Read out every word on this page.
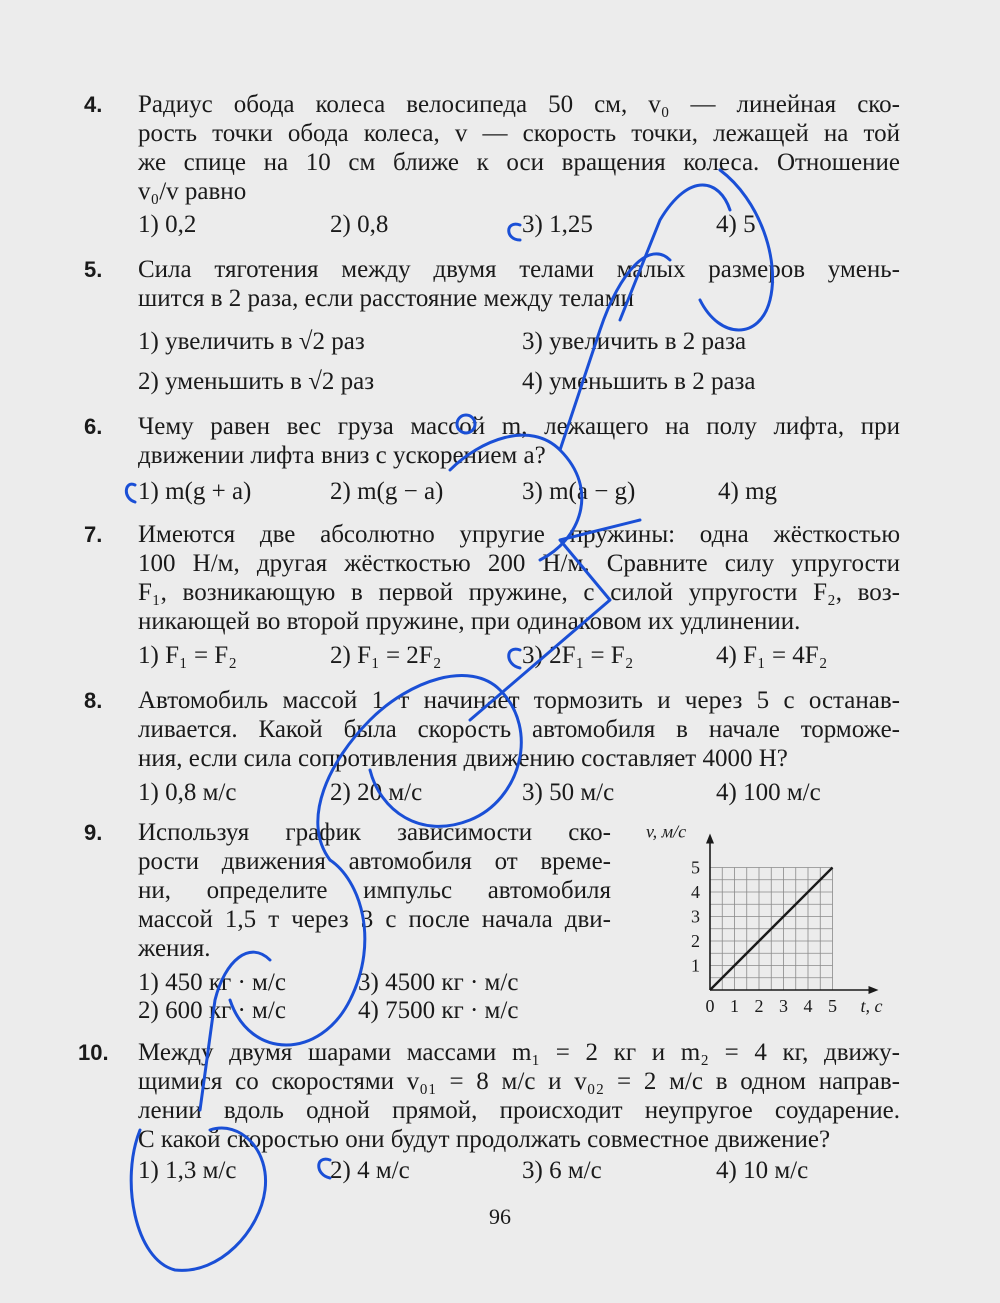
4. Радиус обода колеса велосипеда 50 см, v₀ — линейная ско-
рость точки обода колеса, v — скорость точки, лежащей на той
же спице на 10 см ближе к оси вращения колеса. Отношение
v₀/v равно
1) 0,2	2) 0,8	3) 1,25	4) 5
5. Сила тяготения между двумя телами малых размеров умень-
шится в 2 раза, если расстояние между телами
1) увеличить в √2 раз	3) увеличить в 2 раза
2) уменьшить в √2 раз	4) уменьшить в 2 раза
6. Чему равен вес груза массой m, лежащего на полу лифта, при
движении лифта вниз с ускорением a?
1) m(g + a)	2) m(g − a)	3) m(a − g)	4) mg
7. Имеются две абсолютно упругие пружины: одна жёсткостью
100 Н/м, другая жёсткостью 200 Н/м. Сравните силу упругости
F₁, возникающую в первой пружине, с силой упругости F₂, воз-
никающей во второй пружине, при одинаковом их удлинении.
1) F₁ = F₂	2) F₁ = 2F₂	3) 2F₁ = F₂	4) F₁ = 4F₂
8. Автомобиль массой 1 т начинает тормозить и через 5 с останав-
ливается. Какой была скорость автомобиля в начале торможе-
ния, если сила сопротивления движению составляет 4000 Н?
1) 0,8 м/с	2) 20 м/с	3) 50 м/с	4) 100 м/с
9. Используя график зависимости ско-
рости движения автомобиля от време-
ни, определите импульс автомобиля
массой 1,5 т через 3 с после начала дви-
жения.
1) 450 кг · м/с	3) 4500 кг · м/с
2) 600 кг · м/с	4) 7500 кг · м/с	0 1 2 3 4 5
1
2
3
4
5
v, м/с
t, с
10. Между двумя шарами массами m₁ = 2 кг и m₂ = 4 кг, движу-
щимися со скоростями v₀₁ = 8 м/с и v₀₂ = 2 м/с в одном направ-
лении вдоль одной прямой, происходит неупругое соударение.
С какой скоростью они будут продолжать совместное движение?
1) 1,3 м/с	2) 4 м/с	3) 6 м/с	4) 10 м/с
96
